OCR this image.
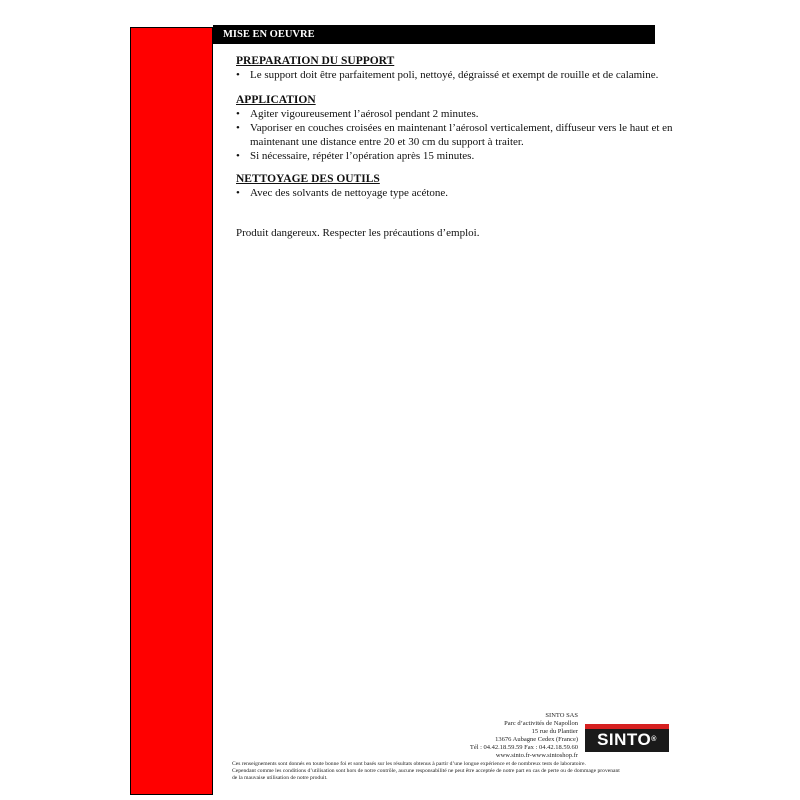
MISE EN OEUVRE
PREPARATION DU SUPPORT
• Le support doit être parfaitement poli, nettoyé, dégraissé et exempt de rouille et de calamine.
APPLICATION
• Agiter vigoureusement l’aérosol pendant 2 minutes.
• Vaporiser en couches croisées en maintenant l’aérosol verticalement, diffuseur vers le haut et en maintenant une distance entre 20 et 30 cm du support à traiter.
• Si nécessaire, répéter l’opération après 15 minutes.
NETTOYAGE DES OUTILS
• Avec des solvants de nettoyage type acétone.

Produit dangereux. Respecter les précautions d’emploi.

SINTO SAS
Parc d’activités de Napollon
15 rue du Plantier
13676 Aubagne Cedex (France)
Tél : 04.42.18.59.59 Fax : 04.42.18.59.60
www.sinto.fr-www.sintoshop.fr
SINTO®

Ces renseignements sont donnés en toute bonne foi et sont basés sur les résultats obtenus à partir d’une longue expérience et de nombreux tests de laboratoire.

Cependant comme les conditions d’utilisation sont hors de notre contrôle, aucune responsabilité ne peut être acceptée de notre part en cas de perte ou de dommage provenant

de la mauvaise utilisation de notre produit.
